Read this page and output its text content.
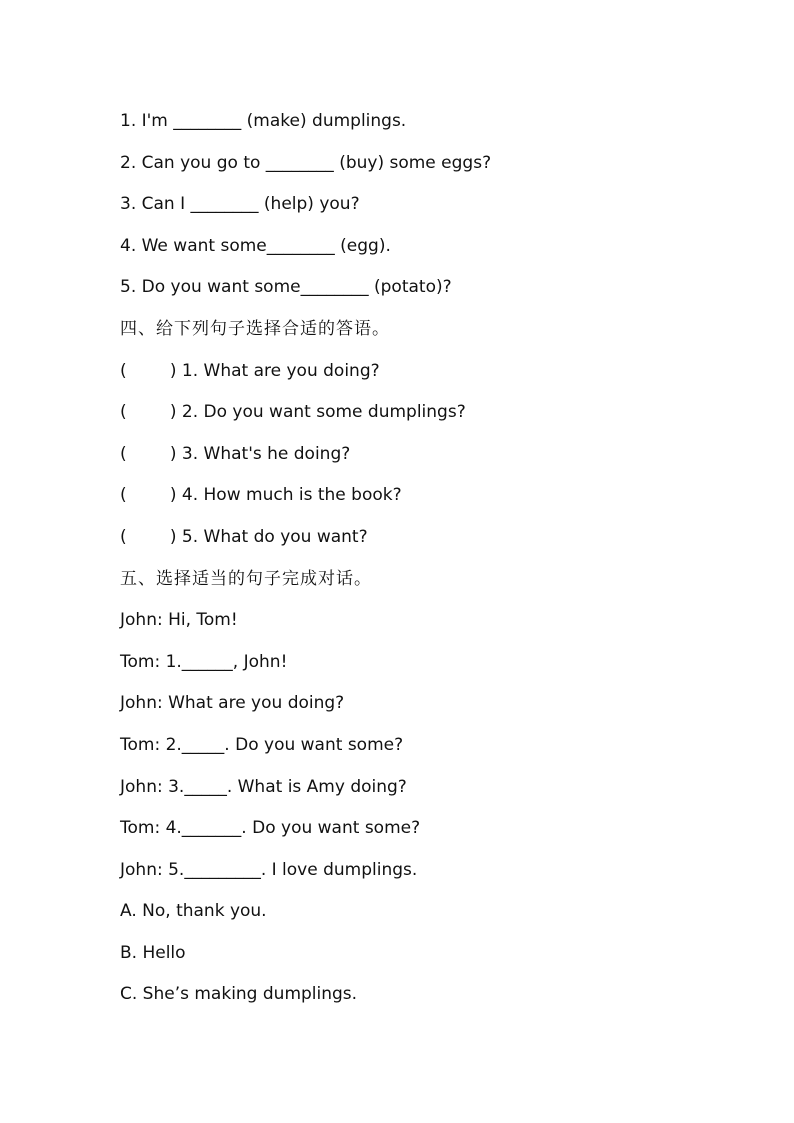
1. I'm ________ (make) dumplings.
2. Can you go to ________ (buy) some eggs?
3. Can I ________ (help) you?
4. We want some________ (egg).
5. Do you want some________ (potato)?
四、给下列句子选择合适的答语。
(        ) 1. What are you doing?
(        ) 2. Do you want some dumplings?
(        ) 3. What's he doing?
(        ) 4. How much is the book?
(        ) 5. What do you want?
五、选择适当的句子完成对话。
John: Hi, Tom!
Tom: 1.______, John!
John: What are you doing?
Tom: 2._____. Do you want some?
John: 3._____. What is Amy doing?
Tom: 4._______. Do you want some?
John: 5._________. I love dumplings.
A. No, thank you.
B. Hello
C. She’s making dumplings.
